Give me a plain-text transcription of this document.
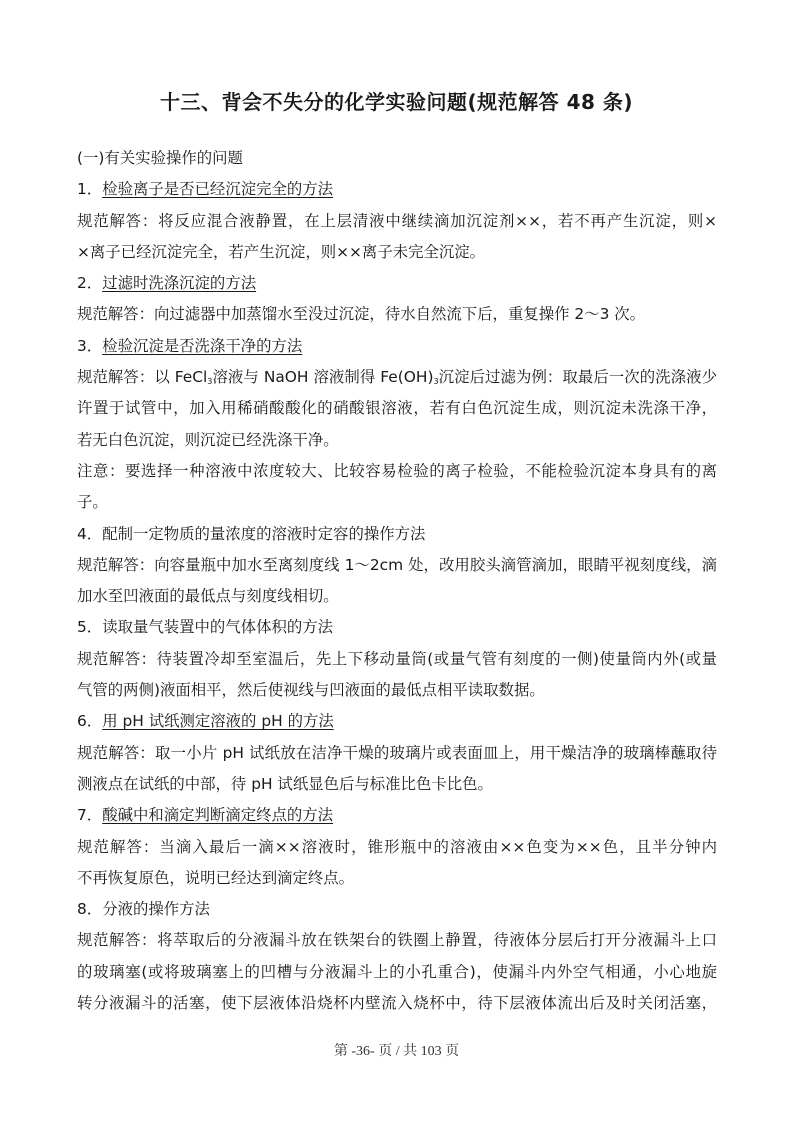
十三、背会不失分的化学实验问题(规范解答 48 条)
(一)有关实验操作的问题
1．检验离子是否已经沉淀完全的方法
规范解答：将反应混合液静置，在上层清液中继续滴加沉淀剂××，若不再产生沉淀，则×
×离子已经沉淀完全，若产生沉淀，则××离子未完全沉淀。
2．过滤时洗涤沉淀的方法
规范解答：向过滤器中加蒸馏水至没过沉淀，待水自然流下后，重复操作 2～3 次。
3．检验沉淀是否洗涤干净的方法
规范解答：以 FeCl$_3$溶液与 NaOH 溶液制得 $Fe(OH)_3$沉淀后过滤为例：取最后一次的洗涤液少
许置于试管中，加入用稀硝酸酸化的硝酸银溶液，若有白色沉淀生成，则沉淀未洗涤干净，
若无白色沉淀，则沉淀已经洗涤干净。
注意：要选择一种溶液中浓度较大、比较容易检验的离子检验，不能检验沉淀本身具有的离
子。
4．配制一定物质的量浓度的溶液时定容的操作方法
规范解答：向容量瓶中加水至离刻度线 1～2cm 处，改用胶头滴管滴加，眼睛平视刻度线，滴
加水至凹液面的最低点与刻度线相切。
5．读取量气装置中的气体体积的方法
规范解答：待装置冷却至室温后，先上下移动量筒(或量气管有刻度的一侧)使量筒内外(或量
气管的两侧)液面相平，然后使视线与凹液面的最低点相平读取数据。
6．用 pH 试纸测定溶液的 pH 的方法
规范解答：取一小片 pH 试纸放在洁净干燥的玻璃片或表面皿上，用干燥洁净的玻璃棒蘸取待
测液点在试纸的中部，待 pH 试纸显色后与标准比色卡比色。
7．酸碱中和滴定判断滴定终点的方法
规范解答：当滴入最后一滴××溶液时，锥形瓶中的溶液由××色变为××色，且半分钟内
不再恢复原色，说明已经达到滴定终点。
8．分液的操作方法
规范解答：将萃取后的分液漏斗放在铁架台的铁圈上静置，待液体分层后打开分液漏斗上口
的玻璃塞(或将玻璃塞上的凹槽与分液漏斗上的小孔重合)，使漏斗内外空气相通，小心地旋
转分液漏斗的活塞，使下层液体沿烧杯内壁流入烧杯中，待下层液体流出后及时关闭活塞，
第 -36- 页 / 共 103 页
